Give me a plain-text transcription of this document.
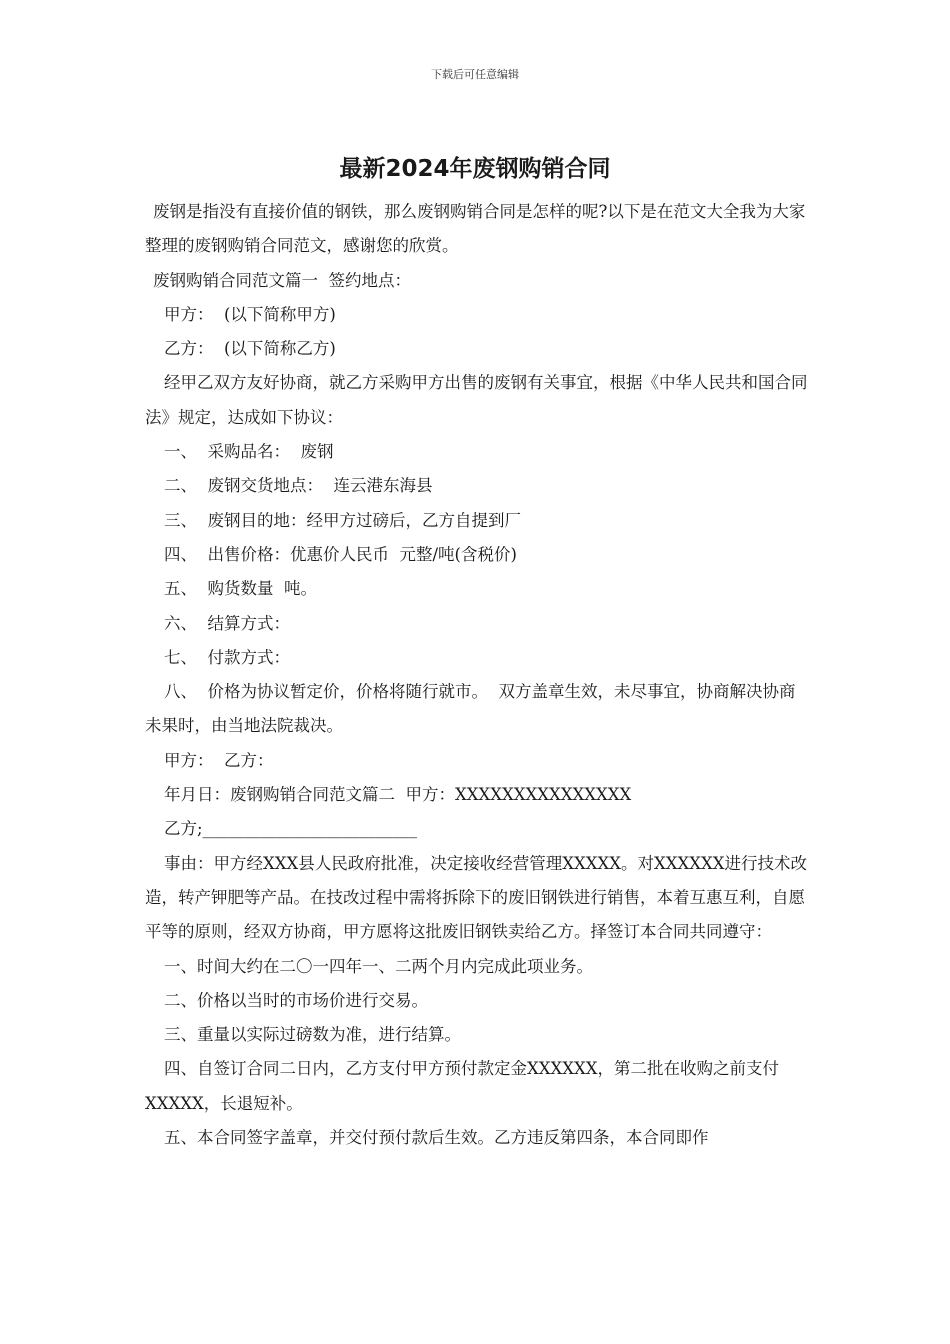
下载后可任意编辑
最新2024年废钢购销合同

废钢是指没有直接价值的钢铁，那么废钢购销合同是怎样的呢?以下是在范文大全我为大家整理的废钢购销合同范文，感谢您的欣赏。

废钢购销合同范文篇一  签约地点：

甲方：  (以下简称甲方)

乙方：  (以下简称乙方)

经甲乙双方友好协商，就乙方采购甲方出售的废钢有关事宜，根据《中华人民共和国合同法》规定，达成如下协议：

一、  采购品名：  废钢

二、  废钢交货地点：  连云港东海县

三、  废钢目的地：经甲方过磅后，乙方自提到厂

四、  出售价格：优惠价人民币  元整/吨(含税价)

五、  购货数量  吨。

六、  结算方式：

七、  付款方式：

八、  价格为协议暂定价，价格将随行就市。  双方盖章生效，未尽事宜，协商解决协商未果时，由当地法院裁决。

甲方：  乙方：

年月日：废钢购销合同范文篇二  甲方：XXXXXXXXXXXXXXX

乙方;__________________________

事由：甲方经XXX县人民政府批准，决定接收经营管理XXXXX。对XXXXXX进行技术改造，转产钾肥等产品。在技改过程中需将拆除下的废旧钢铁进行销售，本着互惠互利，自愿平等的原则，经双方协商，甲方愿将这批废旧钢铁卖给乙方。择签订本合同共同遵守：

一、时间大约在二〇一四年一、二两个月内完成此项业务。

二、价格以当时的市场价进行交易。

三、重量以实际过磅数为准，进行结算。

四、自签订合同二日内，乙方支付甲方预付款定金XXXXXX，第二批在收购之前支付XXXXX，长退短补。

五、本合同签字盖章，并交付预付款后生效。乙方违反第四条，本合同即作
